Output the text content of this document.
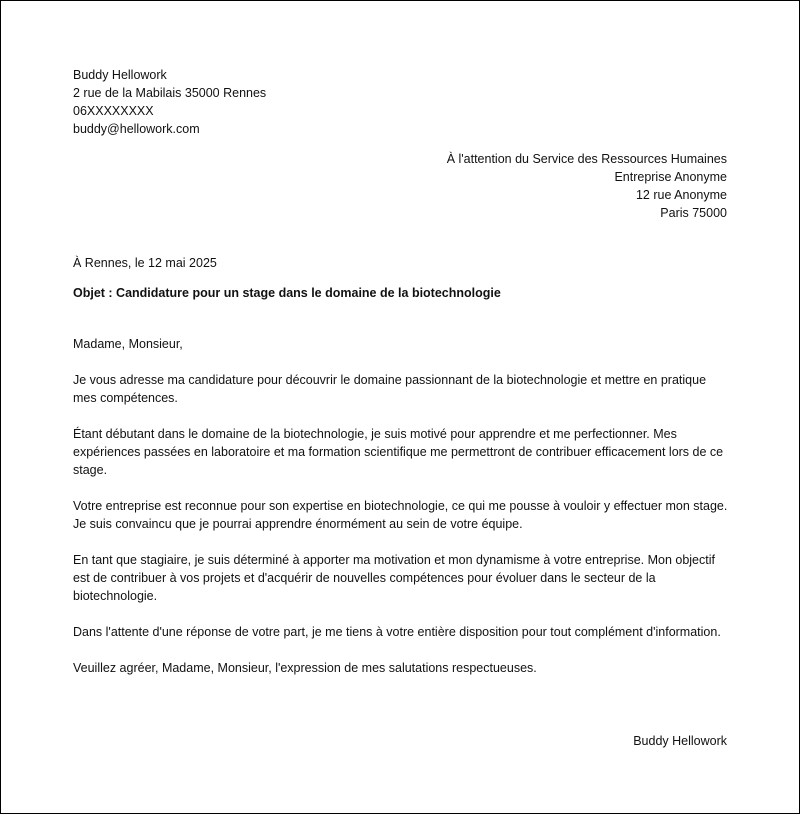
Buddy Hellowork
2 rue de la Mabilais 35000 Rennes
06XXXXXXXX
buddy@hellowork.com
À l'attention du Service des Ressources Humaines
Entreprise Anonyme
12 rue Anonyme
Paris 75000
À Rennes, le 12 mai 2025
Objet : Candidature pour un stage dans le domaine de la biotechnologie

Madame, Monsieur,

Je vous adresse ma candidature pour découvrir le domaine passionnant de la biotechnologie et mettre en pratique mes compétences.

Étant débutant dans le domaine de la biotechnologie, je suis motivé pour apprendre et me perfectionner. Mes expériences passées en laboratoire et ma formation scientifique me permettront de contribuer efficacement lors de ce stage.

Votre entreprise est reconnue pour son expertise en biotechnologie, ce qui me pousse à vouloir y effectuer mon stage. Je suis convaincu que je pourrai apprendre énormément au sein de votre équipe.

En tant que stagiaire, je suis déterminé à apporter ma motivation et mon dynamisme à votre entreprise. Mon objectif est de contribuer à vos projets et d'acquérir de nouvelles compétences pour évoluer dans le secteur de la biotechnologie.

Dans l'attente d'une réponse de votre part, je me tiens à votre entière disposition pour tout complément d'information.

Veuillez agréer, Madame, Monsieur, l'expression de mes salutations respectueuses.

Buddy Hellowork
